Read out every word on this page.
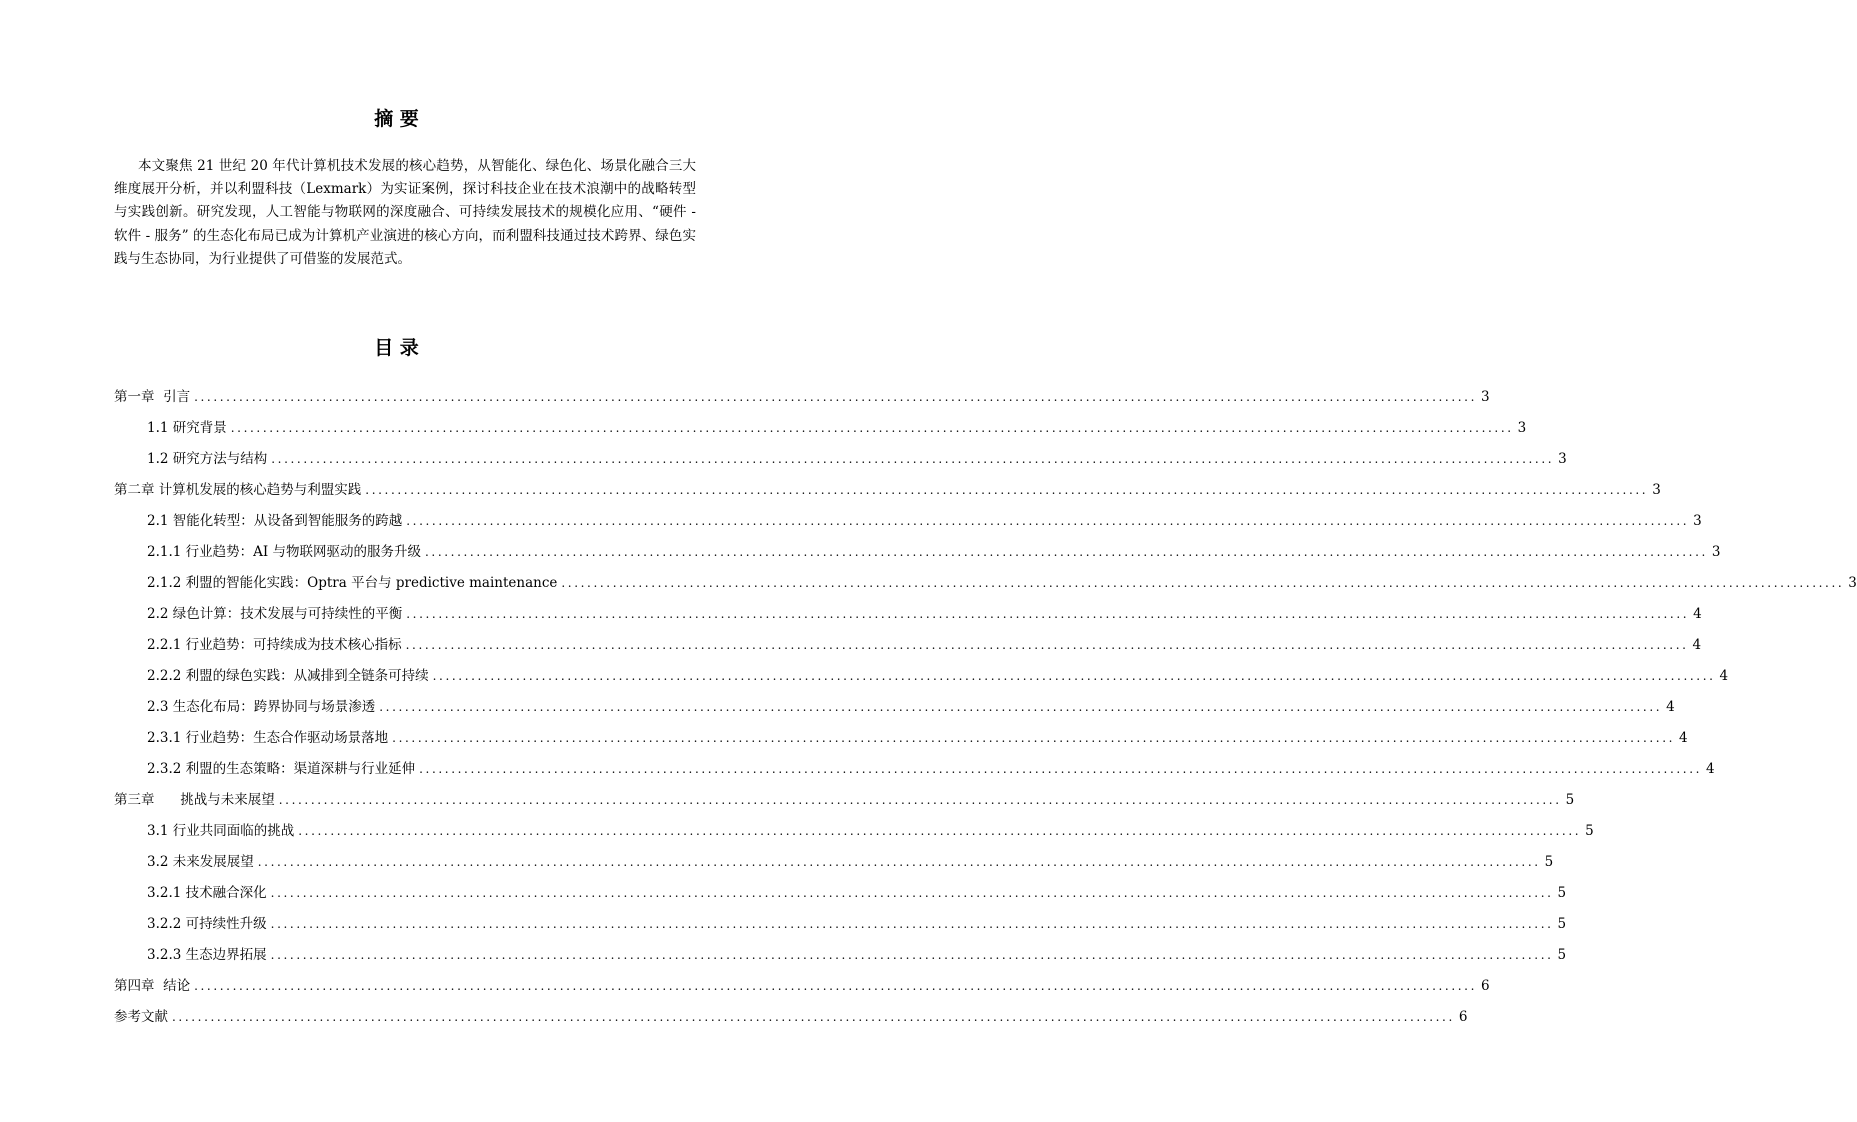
摘 要
本文聚焦 21 世纪 20 年代计算机技术发展的核心趋势，从智能化、绿色化、场景化融合三大维度展开分析，并以利盟科技（Lexmark）为实证案例，探讨科技企业在技术浪潮中的战略转型与实践创新。研究发现，人工智能与物联网的深度融合、可持续发展技术的规模化应用、“硬件 - 软件 - 服务” 的生态化布局已成为计算机产业演进的核心方向，而利盟科技通过技术跨界、绿色实践与生态协同，为行业提供了可借鉴的发展范式。
目 录
第一章  引言 ........................................................................................................................................................................................................ 3
1.1 研究背景 ........................................................................................................................................................................................................ 3
1.2 研究方法与结构 ........................................................................................................................................................................................................ 3
第二章 计算机发展的核心趋势与利盟实践 ........................................................................................................................................................................................................ 3
2.1 智能化转型：从设备到智能服务的跨越 ........................................................................................................................................................................................................ 3
2.1.1 行业趋势：AI 与物联网驱动的服务升级 ........................................................................................................................................................................................................ 3
2.1.2 利盟的智能化实践：Optra 平台与 predictive maintenance ........................................................................................................................................................................................................ 3
2.2 绿色计算：技术发展与可持续性的平衡 ........................................................................................................................................................................................................ 4
2.2.1 行业趋势：可持续成为技术核心指标 ........................................................................................................................................................................................................ 4
2.2.2 利盟的绿色实践：从减排到全链条可持续 ........................................................................................................................................................................................................ 4
2.3 生态化布局：跨界协同与场景渗透 ........................................................................................................................................................................................................ 4
2.3.1 行业趋势：生态合作驱动场景落地 ........................................................................................................................................................................................................ 4
2.3.2 利盟的生态策略：渠道深耕与行业延伸 ........................................................................................................................................................................................................ 4
第三章      挑战与未来展望 ........................................................................................................................................................................................................ 5
3.1 行业共同面临的挑战 ........................................................................................................................................................................................................ 5
3.2 未来发展展望 ........................................................................................................................................................................................................ 5
3.2.1 技术融合深化 ........................................................................................................................................................................................................ 5
3.2.2 可持续性升级 ........................................................................................................................................................................................................ 5
3.2.3 生态边界拓展 ........................................................................................................................................................................................................ 5
第四章  结论 ........................................................................................................................................................................................................ 6
参考文献 ........................................................................................................................................................................................................ 6
